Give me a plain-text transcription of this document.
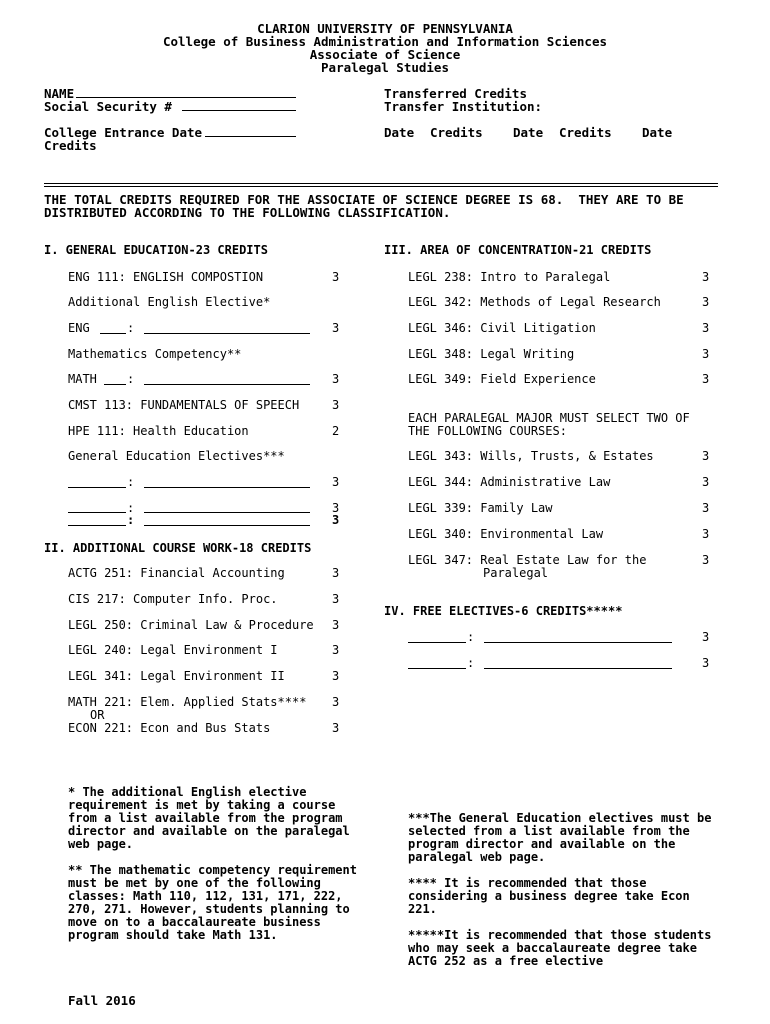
CLARION UNIVERSITY OF PENNSYLVANIA
College of Business Administration and Information Sciences
Associate of Science
Paralegal Studies
NAME
Social Security #
College Entrance Date
Credits
Transferred Credits
Transfer Institution:
Date Credits Date Credits Date
THE TOTAL CREDITS REQUIRED FOR THE ASSOCIATE OF SCIENCE DEGREE IS 68.  THEY ARE TO BE
DISTRIBUTED ACCORDING TO THE FOLLOWING CLASSIFICATION.
I. GENERAL EDUCATION-23 CREDITS
ENG 111: ENGLISH COMPOSTION	3
Additional English Elective*
ENG	:	3
Mathematics Competency**
MATH	:	3
CMST 113: FUNDAMENTALS OF SPEECH	3
HPE 111: Health Education	2
General Education Electives***
:	3
:	3
:	3
II. ADDITIONAL COURSE WORK-18 CREDITS
ACTG 251: Financial Accounting	3
CIS 217: Computer Info. Proc.	3
LEGL 250: Criminal Law & Procedure 3
LEGL 240: Legal Environment I	3
LEGL 341: Legal Environment II	3
MATH 221: Elem. Applied Stats**** 3
OR
ECON 221: Econ and Bus Stats	3
III. AREA OF CONCENTRATION-21 CREDITS
LEGL 238: Intro to Paralegal	3
LEGL 342: Methods of Legal Research	3
LEGL 346: Civil Litigation	3
LEGL 348: Legal Writing	3
LEGL 349: Field Experience	3
EACH PARALEGAL MAJOR MUST SELECT TWO OF
THE FOLLOWING COURSES:
LEGL 343: Wills, Trusts, & Estates	3
LEGL 344: Administrative Law	3
LEGL 339: Family Law	3
LEGL 340: Environmental Law	3
LEGL 347: Real Estate Law for the	3
Paralegal
IV. FREE ELECTIVES-6 CREDITS*****
:	3
:	3
* The additional English elective requirement is met by taking a course from a list available from the program director and available on the paralegal web page.
** The mathematic competency requirement must be met by one of the following classes: Math 110, 112, 131, 171, 222, 270, 271. However, students planning to move on to a baccalaureate business program should take Math 131.
***The General Education electives must be selected from a list available from the program director and available on the paralegal web page.
**** It is recommended that those considering a business degree take Econ 221.
*****It is recommended that those students who may seek a baccalaureate degree take ACTG 252 as a free elective
Fall 2016
